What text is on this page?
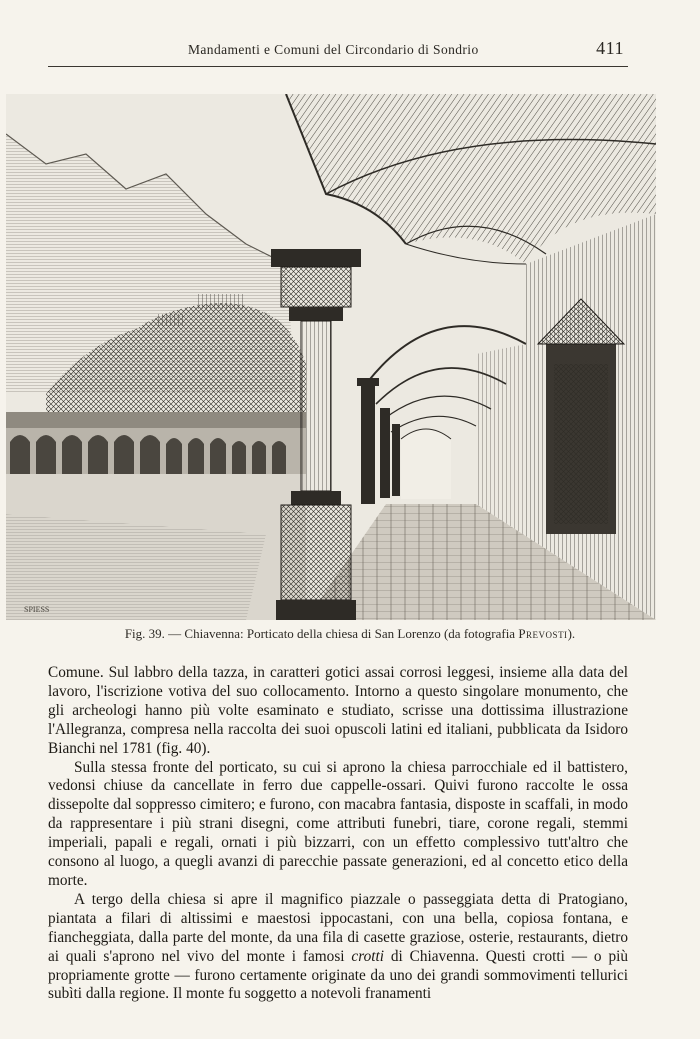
Mandamenti e Comuni del Circondario di Sondrio	411
SPIESS
Fig. 39. — Chiavenna: Porticato della chiesa di San Lorenzo (da fotografia Prevosti).

Comune. Sul labbro della tazza, in caratteri gotici assai corrosi leggesi, insieme alla data del lavoro, l'iscrizione votiva del suo collocamento. Intorno a questo singolare monumento, che gli archeologi hanno più volte esaminato e studiato, scrisse una dottissima illustrazione l'Allegranza, compresa nella raccolta dei suoi opuscoli latini ed italiani, pubblicata da Isidoro Bianchi nel 1781 (fig. 40).

Sulla stessa fronte del porticato, su cui si aprono la chiesa parrocchiale ed il battistero, vedonsi chiuse da cancellate in ferro due cappelle-ossari. Quivi furono raccolte le ossa dissepolte dal soppresso cimitero; e furono, con macabra fantasia, disposte in scaffali, in modo da rappresentare i più strani disegni, come attributi funebri, tiare, corone regali, stemmi imperiali, papali e regali, ornati i più bizzarri, con un effetto complessivo tutt'altro che consono al luogo, a quegli avanzi di parecchie passate generazioni, ed al concetto etico della morte.

A tergo della chiesa si apre il magnifico piazzale o passeggiata detta di Pratogiano, piantata a filari di altissimi e maestosi ippocastani, con una bella, copiosa fontana, e fiancheggiata, dalla parte del monte, da una fila di casette graziose, osterie, restaurants, dietro ai quali s'aprono nel vivo del monte i famosi crotti di Chiavenna. Questi crotti — o più propriamente grotte — furono certamente originate da uno dei grandi sommovimenti tellurici subìti dalla regione. Il monte fu soggetto a notevoli franamenti
